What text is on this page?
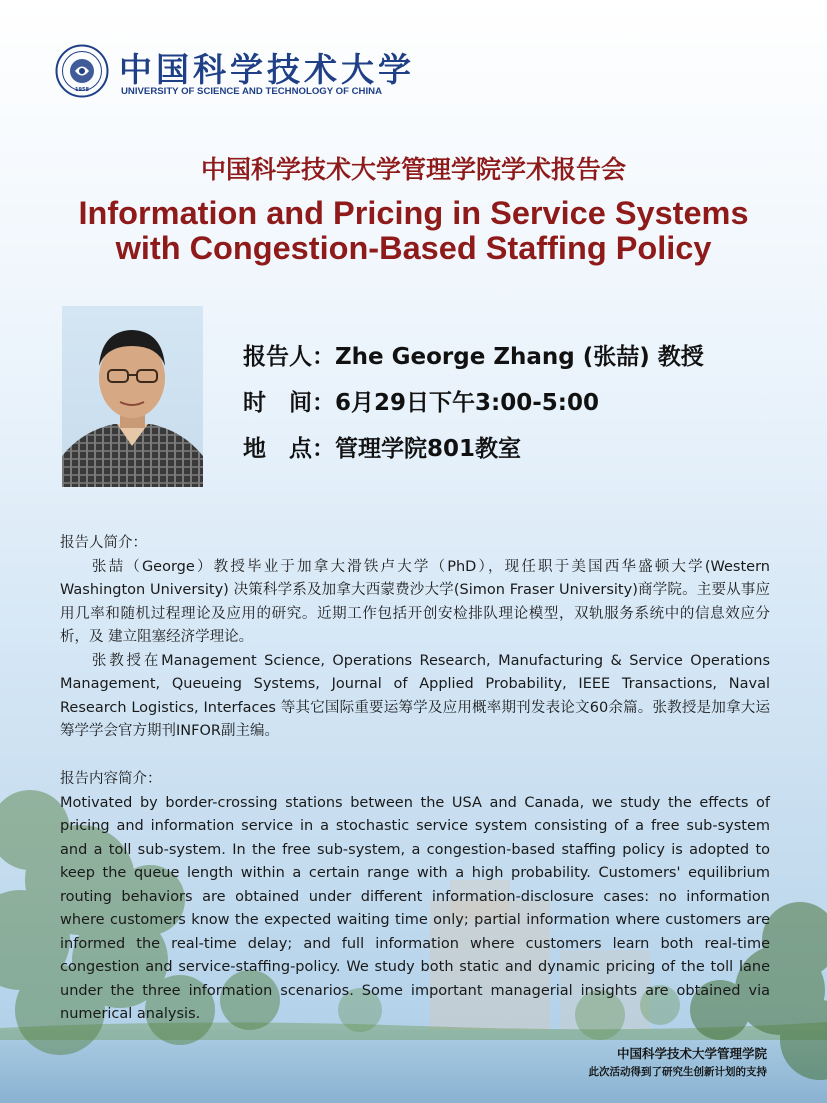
1958
中国科学技术大学
UNIVERSITY OF SCIENCE AND TECHNOLOGY OF CHINA
中国科学技术大学管理学院学术报告会
Information and Pricing in Service Systems
with Congestion-Based Staffing Policy
报告人：Zhe George Zhang (张喆) 教授
时　间：6月29日下午3:00-5:00
地　点：管理学院801教室
报告人简介：

张喆（George）教授毕业于加拿大滑铁卢大学（PhD），现任职于美国西华盛顿大学(Western Washington University) 决策科学系及加拿大西蒙费沙大学(Simon Fraser University)商学院。主要从事应用几率和随机过程理论及应用的研究。近期工作包括开创安检排队理论模型，双轨服务系统中的信息效应分析，及 建立阻塞经济学理论。

张教授在Management Science, Operations Research, Manufacturing & Service Operations Management, Queueing Systems, Journal of Applied Probability, IEEE Transactions, Naval Research Logistics, Interfaces 等其它国际重要运筹学及应用概率期刊发表论文60余篇。张教授是加拿大运筹学学会官方期刊INFOR副主编。

报告内容简介：

Motivated by border-crossing stations between the USA and Canada, we study the effects of pricing and information service in a stochastic service system consisting of a free sub-system and a toll sub-system. In the free sub-system, a congestion-based staffing policy is adopted to keep the queue length within a certain range with a high probability. Customers' equilibrium routing behaviors are obtained under different information-disclosure cases: no information where customers know the expected waiting time only; partial information where customers are informed the real-time delay; and full information where customers learn both real-time congestion and service-staffing-policy. We study both static and dynamic pricing of the toll lane under the three information scenarios. Some important managerial insights are obtained via numerical analysis.

中国科学技术大学管理学院
此次活动得到了研究生创新计划的支持
